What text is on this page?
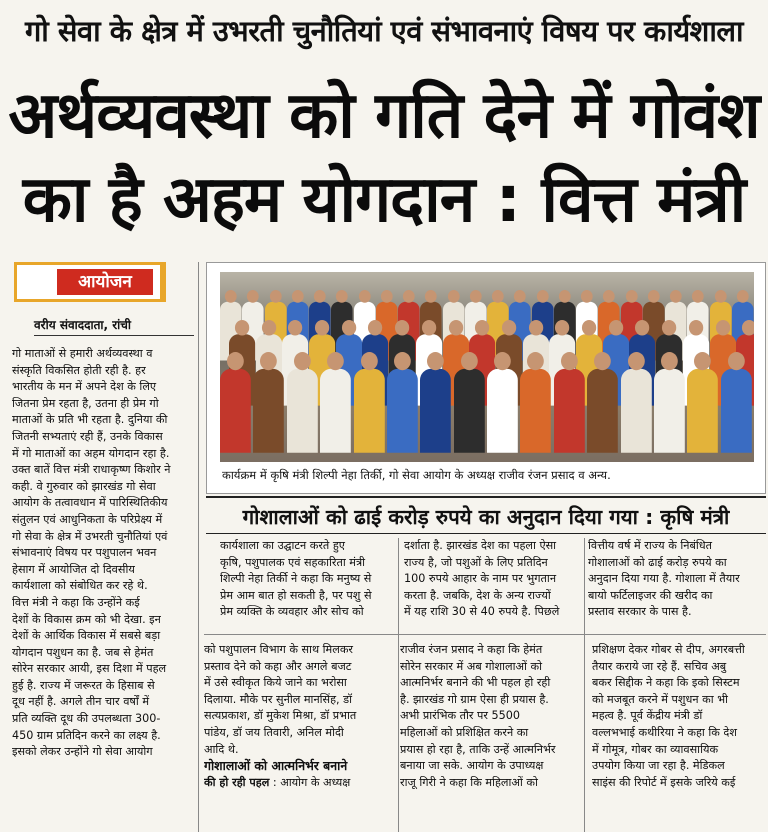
गो सेवा के क्षेत्र में उभरती चुनौतियां एवं संभावनाएं विषय पर कार्यशाला
अर्थव्यवस्था को गति देने में गोवंश
का है अहम योगदान : वित्त मंत्री
आयोजन
वरीय संवाददाता, रांची
कार्यक्रम में कृषि मंत्री शिल्पी नेहा तिर्की, गो सेवा आयोग के अध्यक्ष राजीव रंजन प्रसाद व अन्य.
गोशालाओं को ढाई करोड़ रुपये का अनुदान दिया गया : कृषि मंत्री
गो माताओं से हमारी अर्थव्यवस्था व
संस्कृति विकसित होती रही है. हर
भारतीय के मन में अपने देश के लिए
जितना प्रेम रहता है, उतना ही प्रेम गो
माताओं के प्रति भी रहता है. दुनिया की
जितनी सभ्यताएं रही हैं, उनके विकास
में गो माताओं का अहम योगदान रहा है.
उक्त बातें वित्त मंत्री राधाकृष्ण किशोर ने
कही. वे गुरुवार को झारखंड गो सेवा
आयोग के तत्वावधान में पारिस्थितिकीय
संतुलन एवं आधुनिकता के परिप्रेक्ष्य में
गो सेवा के क्षेत्र में उभरती चुनौतियां एवं
संभावनाएं विषय पर पशुपालन भवन
हेसाग में आयोजित दो दिवसीय
कार्यशाला को संबोधित कर रहे थे.
वित्त मंत्री ने कहा कि उन्होंने कई
देशों के विकास क्रम को भी देखा. इन
देशों के आर्थिक विकास में सबसे बड़ा
योगदान पशुधन का है. जब से हेमंत
सोरेन सरकार आयी, इस दिशा में पहल
हुई है. राज्य में जरूरत के हिसाब से
दूध नहीं है. अगले तीन चार वर्षों में
प्रति व्यक्ति दूध की उपलब्धता 300-
450 ग्राम प्रतिदिन करने का लक्ष्य है.
इसको लेकर उन्होंने गो सेवा आयोग
कार्यशाला का उद्घाटन करते हुए
कृषि, पशुपालक एवं सहकारिता मंत्री
शिल्पी नेहा तिर्की ने कहा कि मनुष्य से
प्रेम आम बात हो सकती है, पर पशु से
प्रेम व्यक्ति के व्यवहार और सोच को
दर्शाता है. झारखंड देश का पहला ऐसा
राज्य है, जो पशुओं के लिए प्रतिदिन
100 रुपये आहार के नाम पर भुगतान
करता है. जबकि, देश के अन्य राज्यों
में यह राशि 30 से 40 रुपये है. पिछले
वित्तीय वर्ष में राज्य के निबंधित
गोशालाओं को ढाई करोड़ रुपये का
अनुदान दिया गया है. गोशाला में तैयार
बायो फर्टिलाइजर की खरीद का
प्रस्ताव सरकार के पास है.
को पशुपालन विभाग के साथ मिलकर
प्रस्ताव देने को कहा और अगले बजट
में उसे स्वीकृत किये जाने का भरोसा
दिलाया. मौके पर सुनील मानसिंह, डॉ
सत्यप्रकाश, डॉ मुकेश मिश्रा, डॉ प्रभात
पांडेय, डॉ जय तिवारी, अनिल मोदी
आदि थे.
गोशालाओं को आत्मनिर्भर बनाने
की हो रही पहल : आयोग के अध्यक्ष
राजीव रंजन प्रसाद ने कहा कि हेमंत
सोरेन सरकार में अब गोशालाओं को
आत्मनिर्भर बनाने की भी पहल हो रही
है. झारखंड गो ग्राम ऐसा ही प्रयास है.
अभी प्रारंभिक तौर पर 5500
महिलाओं को प्रशिक्षित करने का
प्रयास हो रहा है, ताकि उन्हें आत्मनिर्भर
बनाया जा सके. आयोग के उपाध्यक्ष
राजू गिरी ने कहा कि महिलाओं को
प्रशिक्षण देकर गोबर से दीप, अगरबत्ती
तैयार कराये जा रहे हैं. सचिव अबु
बकर सिद्दीक ने कहा कि इको सिस्टम
को मजबूत करने में पशुधन का भी
महत्व है. पूर्व केंद्रीय मंत्री डॉ
वल्लभभाई कथीरिया ने कहा कि देश
में गोमूत्र, गोबर का व्यावसायिक
उपयोग किया जा रहा है. मेडिकल
साइंस की रिपोर्ट में इसके जरिये कई
